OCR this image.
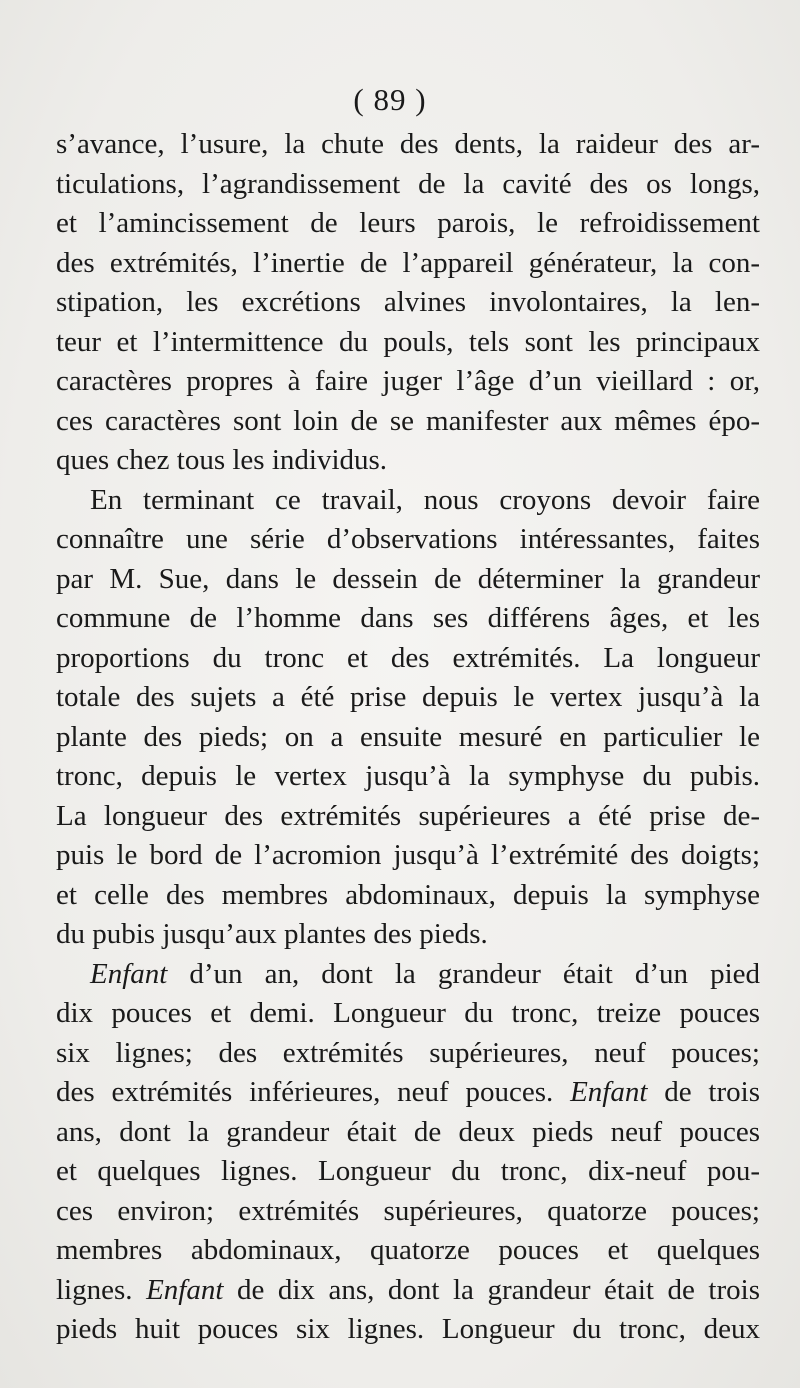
( 89 )
s’avance, l’usure, la chute des dents, la raideur des ar-
ticulations, l’agrandissement de la cavité des os longs,
et l’amincissement de leurs parois, le refroidissement
des extrémités, l’inertie de l’appareil générateur, la con-
stipation, les excrétions alvines involontaires, la len-
teur et l’intermittence du pouls, tels sont les principaux
caractères propres à faire juger l’âge d’un vieillard : or,
ces caractères sont loin de se manifester aux mêmes épo-
ques chez tous les individus.
En terminant ce travail, nous croyons devoir faire
connaître une série d’observations intéressantes, faites
par M. Sue, dans le dessein de déterminer la grandeur
commune de l’homme dans ses différens âges, et les
proportions du tronc et des extrémités. La longueur
totale des sujets a été prise depuis le vertex jusqu’à la
plante des pieds; on a ensuite mesuré en particulier le
tronc, depuis le vertex jusqu’à la symphyse du pubis.
La longueur des extrémités supérieures a été prise de-
puis le bord de l’acromion jusqu’à l’extrémité des doigts;
et celle des membres abdominaux, depuis la symphyse
du pubis jusqu’aux plantes des pieds.
Enfant d’un an, dont la grandeur était d’un pied
dix pouces et demi. Longueur du tronc, treize pouces
six lignes; des extrémités supérieures, neuf pouces;
des extrémités inférieures, neuf pouces. Enfant de trois
ans, dont la grandeur était de deux pieds neuf pouces
et quelques lignes. Longueur du tronc, dix-neuf pou-
ces environ; extrémités supérieures, quatorze pouces;
membres abdominaux, quatorze pouces et quelques
lignes. Enfant de dix ans, dont la grandeur était de trois
pieds huit pouces six lignes. Longueur du tronc, deux
